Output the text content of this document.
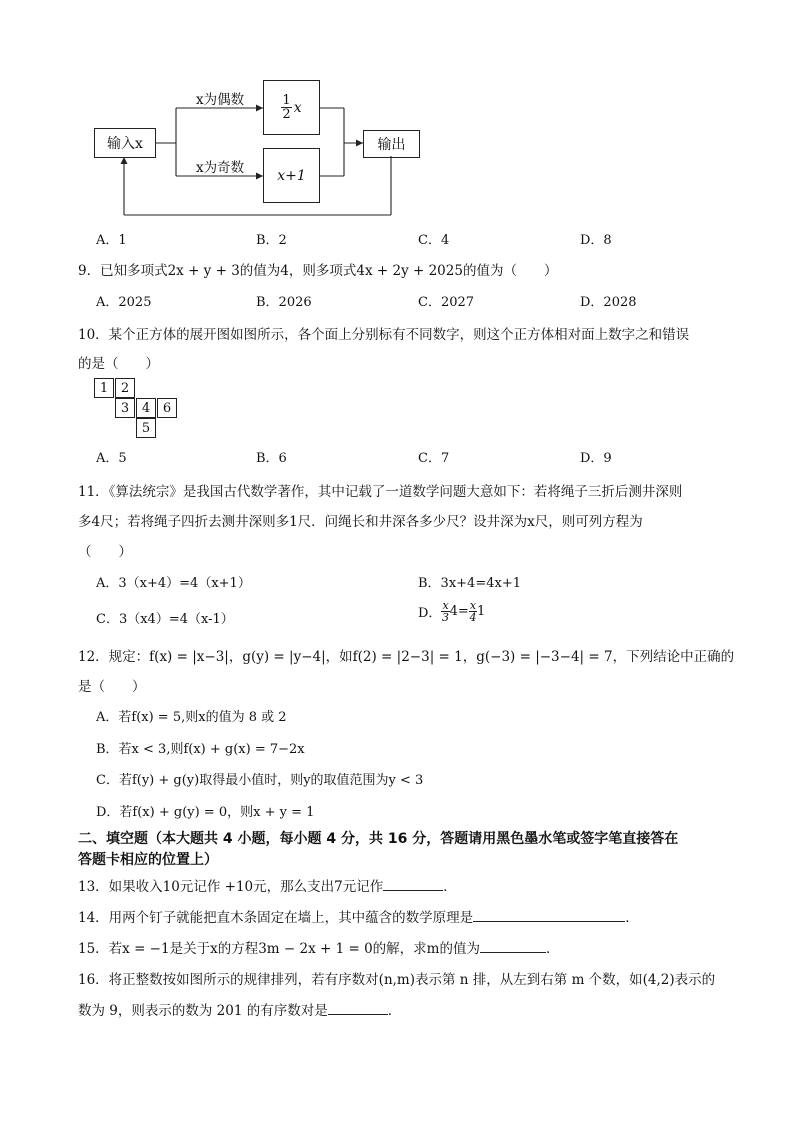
输入x
x为偶数
x为奇数
$\frac{1}{2}$ x
x+1
输出
A．1	B．2	C．4	D．8
9．已知多项式2x + y + 3的值为4，则多项式4x + 2y + 2025的值为（　　）
A．2025	B．2026	C．2027	D．2028
10．某个正方体的展开图如图所示，各个面上分别标有不同数字，则这个正方体相对面上数字之和错误
的是（　　）
1 2
3 4 6
5
A．5	B．6	C．7	D．9
11．《算法统宗》是我国古代数学著作，其中记载了一道数学问题大意如下：若将绳子三折后测井深则
多4尺；若将绳子四折去测井深则多1尺．问绳长和井深各多少尺？设井深为x尺，则可列方程为
（　　）
A．3（x+4）=4（x+1）	B．3x+4=4x+1
C．3（x4）=4（x-1）	D． $\frac{x}{3} 4= \frac{x}{4} 1$
12．规定：f(x) = |x−3|，g(y) = |y−4|，如f(2) = |2−3| = 1，g(−3) = |−3−4| = 7，下列结论中正确的
是（　　）
A．若f(x) = 5,则x的值为 8 或 2
B．若x < 3,则f(x) + g(x) = 7−2x
C．若f(y) + g(y)取得最小值时，则y的取值范围为y < 3
D．若f(x) + g(y) = 0，则x + y = 1
二、填空题（本大题共 4 小题，每小题 4 分，共 16 分，答题请用黑色墨水笔或签字笔直接答在
答题卡相应的位置上）
13．如果收入10元记作 +10元，那么支出7元记作	．
14．用两个钉子就能把直木条固定在墙上，其中蕴含的数学原理是	．
15．若x = −1是关于x的方程3m − 2x + 1 = 0的解，求m的值为	．
16．将正整数按如图所示的规律排列，若有序数对(n,m)表示第 n 排，从左到右第 m 个数，如(4,2)表示的
数为 9，则表示的数为 201 的有序数对是	．
